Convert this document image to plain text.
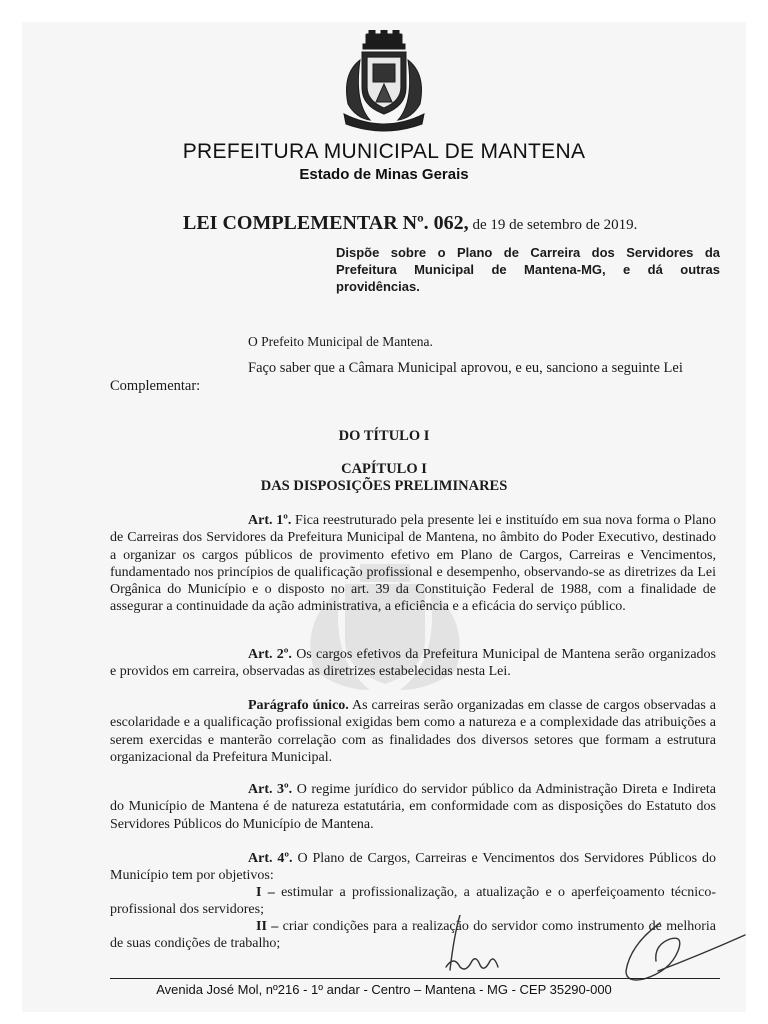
PREFEITURA MUNICIPAL DE MANTENA
Estado de Minas Gerais
LEI COMPLEMENTAR Nº. 062, de 19 de setembro de 2019.
Dispõe sobre o Plano de Carreira dos Servidores da Prefeitura Municipal de Mantena-MG, e dá outras providências.
O Prefeito Municipal de Mantena.
Faço saber que a Câmara Municipal aprovou, e eu, sanciono a seguinte Lei
Complementar:
DO TÍTULO I
CAPÍTULO I
DAS DISPOSIÇÕES PRELIMINARES
Art. 1º. Fica reestruturado pela presente lei e instituído em sua nova forma o Plano de Carreiras dos Servidores da Prefeitura Municipal de Mantena, no âmbito do Poder Executivo, destinado a organizar os cargos públicos de provimento efetivo em Plano de Cargos, Carreiras e Vencimentos, fundamentado nos princípios de qualificação profissional e desempenho, observando-se as diretrizes da Lei Orgânica do Município e o disposto no art. 39 da Constituição Federal de 1988, com a finalidade de assegurar a continuidade da ação administrativa, a eficiência e a eficácia do serviço público.
Art. 2º. Os cargos efetivos da Prefeitura Municipal de Mantena serão organizados e providos em carreira, observadas as diretrizes estabelecidas nesta Lei.
Parágrafo único. As carreiras serão organizadas em classe de cargos observadas a escolaridade e a qualificação profissional exigidas bem como a natureza e a complexidade das atribuições a serem exercidas e manterão correlação com as finalidades dos diversos setores que formam a estrutura organizacional da Prefeitura Municipal.
Art. 3º. O regime jurídico do servidor público da Administração Direta e Indireta do Município de Mantena é de natureza estatutária, em conformidade com as disposições do Estatuto dos Servidores Públicos do Município de Mantena.
Art. 4º. O Plano de Cargos, Carreiras e Vencimentos dos Servidores Públicos do Município tem por objetivos:
I – estimular a profissionalização, a atualização e o aperfeiçoamento técnico- profissional dos servidores;
II – criar condições para a realização do servidor como instrumento de melhoria de suas condições de trabalho;
Avenida José Mol, nº216 - 1º andar - Centro – Mantena - MG - CEP 35290-000
